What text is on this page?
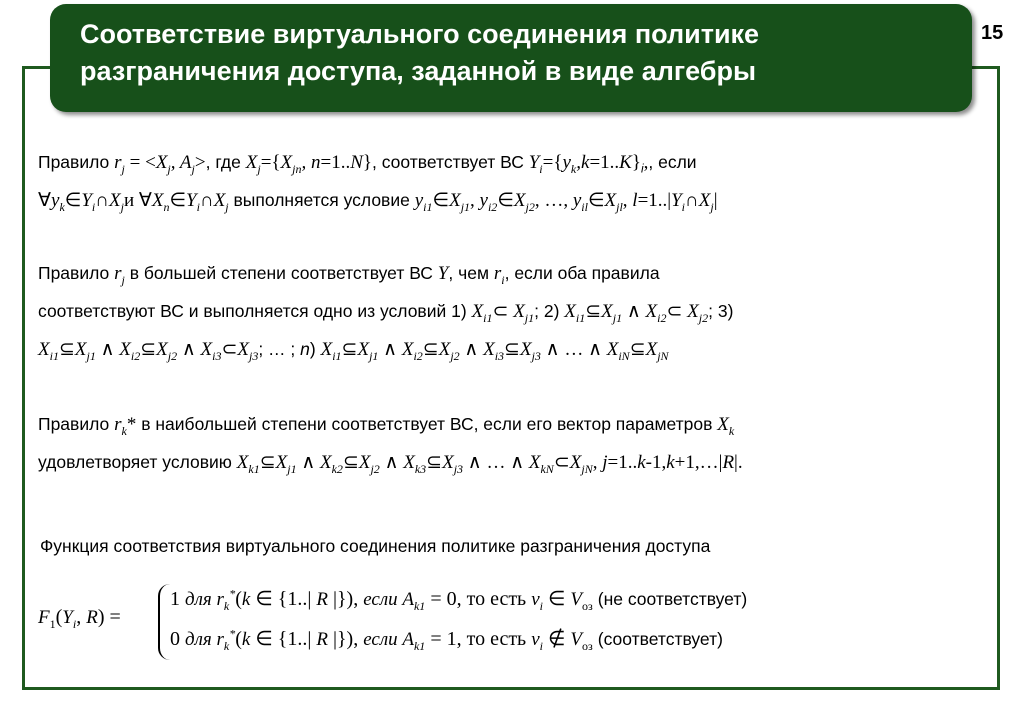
Соответствие виртуального соединения политике разграничения доступа, заданной в виде алгебры
15
Правило $r_j = <X_j$, $A_j>$, где $X_j=\{X_{jn}$, n=1..N}, соответствует ВС $Y_i=\{y_k,k=1..K\}_i$,, если
$\forall y_k\in Y_i\cap X_jи$ $\forall X_n\in Y_i\cap X_j$ выполняется условие $y_{i1}\in X_{j1}$, $y_{i2}\in X_{j2}$, …, $y_{il}\in X_{jl}$, $l=1..|Y_i\cap X_j|$
Правило $r_j$ в большей степени соответствует ВС Y, чем $r_i$, если оба правила
соответствуют ВС и выполняется одно из условий 1) $X_{i1}\subset$ $X_{j1}$; 2) $X_{i1}⊆X_{j1}$ ∧ $X_{i2}\subset$ $X_{j2}$; 3)
$X_{i1}⊆X_{j1}$ ∧ $X_{i2}⊆X_{j2}$ ∧ $X_{i3}\subset X_{j3}$; … ; n) $X_{i1}⊆X_{j1}$ ∧ $X_{i2}⊆X_{j2}$ ∧ $X_{i3}⊆X_{j3}$ ∧ … ∧ $X_{iN}⊆X_{jN}$
Правило $r_k*$ в наибольшей степени соответствует ВС, если его вектор параметров $X_k$
удовлетворяет условию $X_{k1}⊆X_{j1}$ ∧ $X_{k2}⊆X_{j2}$ ∧ $X_{k3}⊆X_{j3}$ ∧ … ∧ $X_{kN}\subset X_{jN}$, j=1..k-1,k+1,…|R|.
Функция соответствия виртуального соединения политике разграничения доступа
$F_1(Y_i$, R) =
1 для $r_k^*(k$ ∈ {1..| R |}), если $A_{k1} = 0$, то есть $v_i$ ∈ $V_{оз}$ (не соответствует)
0 для $r_k^*(k$ ∈ {1..| R |}), если $A_{k1} = 1$, то есть $v_i$ ∉ $V_{оз}$ (соответствует)
